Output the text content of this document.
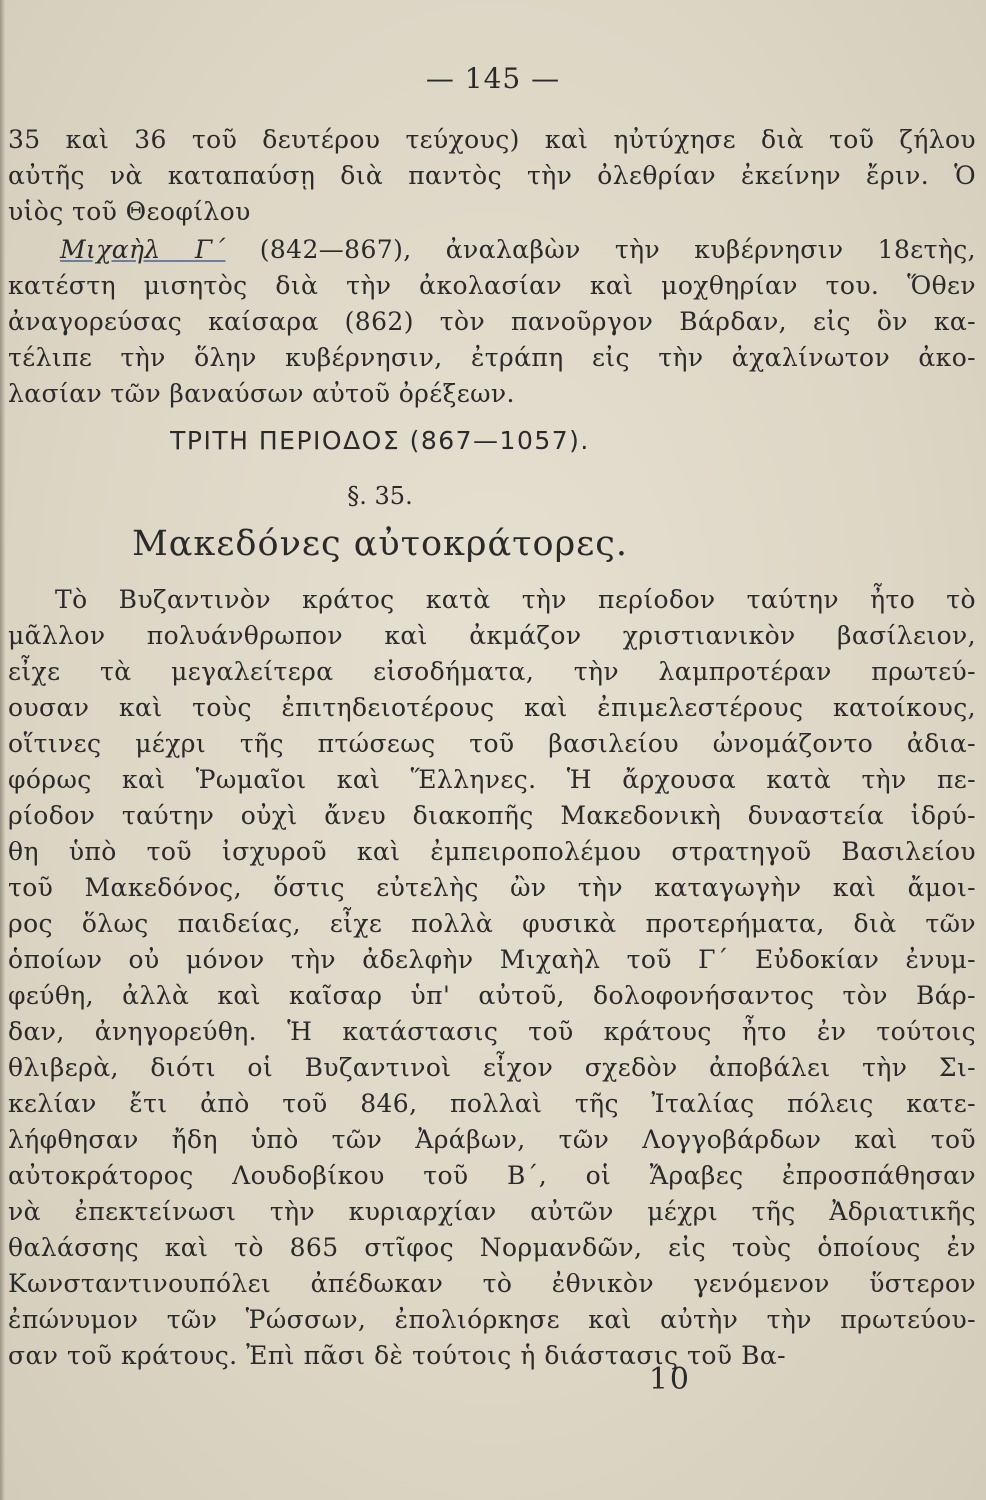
— 145 —
35 καὶ 36 τοῦ δευτέρου τεύχους) καὶ ηὐτύχησε διὰ τοῦ ζήλου
αὐτῆς νὰ καταπαύσῃ διὰ παντὸς τὴν ὀλεθρίαν ἐκείνην ἔριν. Ὁ
υἱὸς τοῦ Θεοφίλου
Μιχαὴλ Γ΄ (842—867), ἀναλαβὼν τὴν κυβέρνησιν 18ετὴς,
κατέστη μισητὸς διὰ τὴν ἀκολασίαν καὶ μοχθηρίαν του. Ὅθεν
ἀναγορεύσας καίσαρα (862) τὸν πανοῦργον Βάρδαν, εἰς ὃν κα-
τέλιπε τὴν ὅλην κυβέρνησιν, ἐτράπη εἰς τὴν ἀχαλίνωτον ἀκο-
λασίαν τῶν βαναύσων αὐτοῦ ὀρέξεων.
ΤΡΙΤΗ ΠΕΡΙΟΔΟΣ (867—1057).
§. 35.
Μακεδόνες αὐτοκράτορες.
Τὸ Βυζαντινὸν κράτος κατὰ τὴν περίοδον ταύτην ἦτο τὸ
μᾶλλον πολυάνθρωπον καὶ ἀκμάζον χριστιανικὸν βασίλειον,
εἶχε τὰ μεγαλείτερα εἰσοδήματα, τὴν λαμπροτέραν πρωτεύ-
ουσαν καὶ τοὺς ἐπιτηδειοτέρους καὶ ἐπιμελεστέρους κατοίκους,
οἵτινες μέχρι τῆς πτώσεως τοῦ βασιλείου ὠνομάζοντο ἀδια-
φόρως καὶ Ῥωμαῖοι καὶ Ἕλληνες. Ἡ ἄρχουσα κατὰ τὴν πε-
ρίοδον ταύτην οὐχὶ ἄνευ διακοπῆς Μακεδονικὴ δυναστεία ἱδρύ-
θη ὑπὸ τοῦ ἰσχυροῦ καὶ ἐμπειροπολέμου στρατηγοῦ Βασιλείου
τοῦ Μακεδόνος, ὅστις εὐτελὴς ὢν τὴν καταγωγὴν καὶ ἄμοι-
ρος ὅλως παιδείας, εἶχε πολλὰ φυσικὰ προτερήματα, διὰ τῶν
ὁποίων οὐ μόνον τὴν ἀδελφὴν Μιχαὴλ τοῦ Γ΄ Εὐδοκίαν ἐνυμ-
φεύθη, ἀλλὰ καὶ καῖσαρ ὑπ' αὐτοῦ, δολοφονήσαντος τὸν Βάρ-
δαν, ἀνηγορεύθη. Ἡ κατάστασις τοῦ κράτους ἦτο ἐν τούτοις
θλιβερὰ, διότι οἱ Βυζαντινοὶ εἶχον σχεδὸν ἀποβάλει τὴν Σι-
κελίαν ἔτι ἀπὸ τοῦ 846, πολλαὶ τῆς Ἰταλίας πόλεις κατε-
λήφθησαν ἤδη ὑπὸ τῶν Ἀράβων, τῶν Λογγοβάρδων καὶ τοῦ
αὐτοκράτορος Λουδοβίκου τοῦ Β΄, οἱ Ἄραβες ἐπροσπάθησαν
νὰ ἐπεκτείνωσι τὴν κυριαρχίαν αὐτῶν μέχρι τῆς Ἀδριατικῆς
θαλάσσης καὶ τὸ 865 στῖφος Νορμανδῶν, εἰς τοὺς ὁποίους ἐν
Κωνσταντινουπόλει ἀπέδωκαν τὸ ἐθνικὸν γενόμενον ὕστερον
ἐπώνυμον τῶν Ῥώσσων, ἐπολιόρκησε καὶ αὐτὴν τὴν πρωτεύου-
σαν τοῦ κράτους. Ἐπὶ πᾶσι δὲ τούτοις ἡ διάστασις τοῦ Βα-
10
